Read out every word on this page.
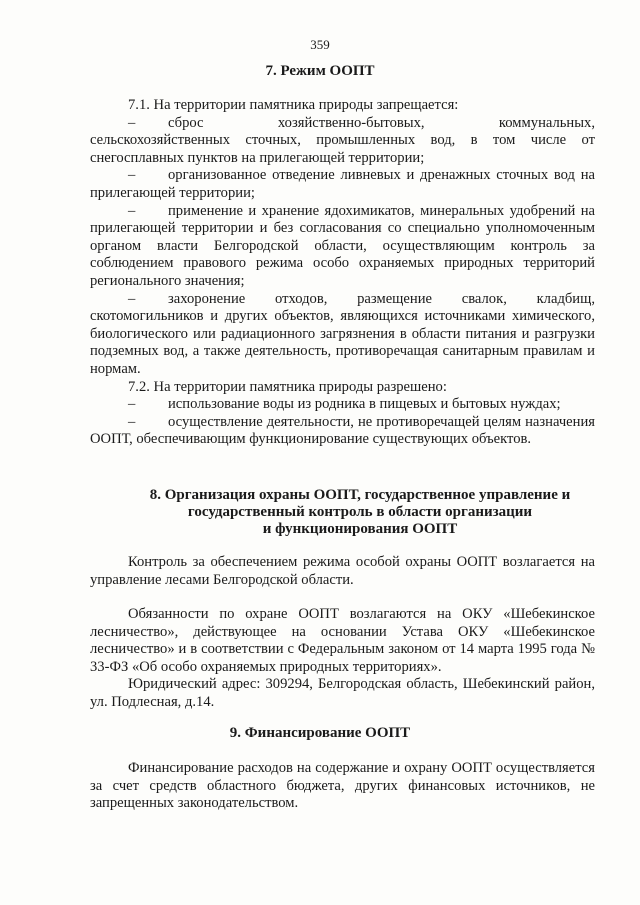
359
7. Режим ООПТ

7.1. На территории памятника природы запрещается:

– сброс хозяйственно-бытовых, коммунальных, сельскохозяйственных сточных, промышленных вод, в том числе от снегосплавных пунктов на прилегающей территории;

– организованное отведение ливневых и дренажных сточных вод на прилегающей территории;

– применение и хранение ядохимикатов, минеральных удобрений на прилегающей территории и без согласования со специально уполномоченным органом власти Белгородской области, осуществляющим контроль за соблюдением правового режима особо охраняемых природных территорий регионального значения;

– захоронение отходов, размещение свалок, кладбищ, скотомогильников и других объектов, являющихся источниками химического, биологического или радиационного загрязнения в области питания и разгрузки подземных вод, а также деятельность, противоречащая санитарным правилам и нормам.

7.2. На территории памятника природы разрешено:

– использование воды из родника в пищевых и бытовых нуждах;

– осуществление деятельности, не противоречащей целям назначения ООПТ, обеспечивающим функционирование существующих объектов.

8. Организация охраны ООПТ, государственное управление и
государственный контроль в области организации
и функционирования ООПТ

Контроль за обеспечением режима особой охраны ООПТ возлагается на управление лесами Белгородской области.

Обязанности по охране ООПТ возлагаются на ОКУ «Шебекинское лесничество», действующее на основании Устава ОКУ «Шебекинское лесничество» и в соответствии с Федеральным законом от 14 марта 1995 года № 33-ФЗ «Об особо охраняемых природных территориях».

Юридический адрес: 309294, Белгородская область, Шебекинский район, ул. Подлесная, д.14.

9. Финансирование ООПТ

Финансирование расходов на содержание и охрану ООПТ осуществляется за счет средств областного бюджета, других финансовых источников, не запрещенных законодательством.
